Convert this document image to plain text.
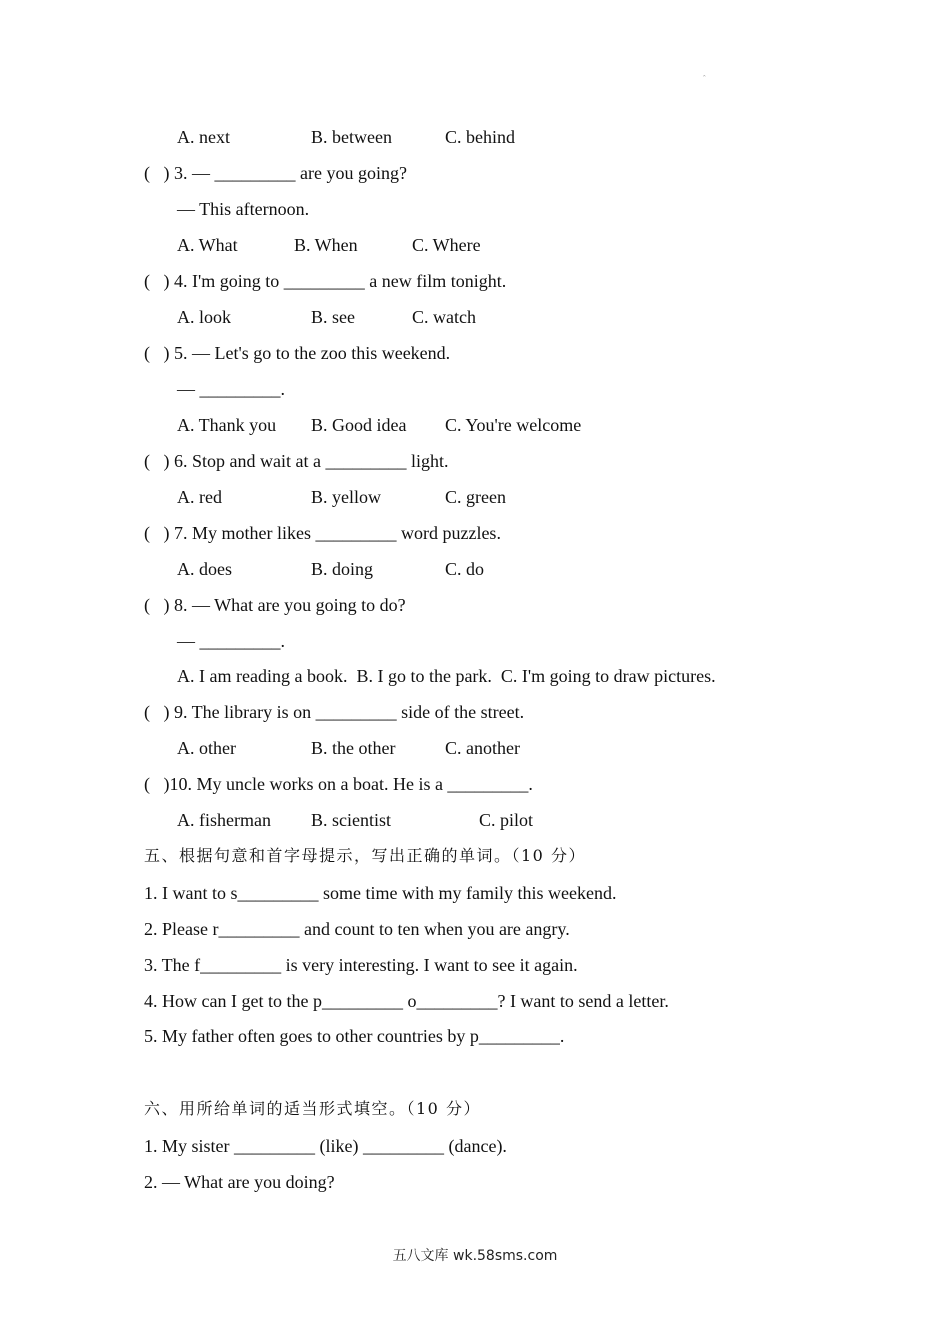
ˆ
A. next	B. between	C. behind
(   ) 3. — _________ are you going?
— This afternoon.
A. What	B. When	C. Where
(   ) 4. I'm going to _________ a new film tonight.
A. look	B. see	C. watch
(   ) 5. — Let's go to the zoo this weekend.
— _________.
A. Thank you B. Good idea C. You're welcome
(   ) 6. Stop and wait at a _________ light.
A. red	B. yellow	C. green
(   ) 7. My mother likes _________ word puzzles.
A. does	B. doing	C. do
(   ) 8. — What are you going to do?
— _________.
A. I am reading a book.  B. I go to the park.  C. I'm going to draw pictures.
(   ) 9. The library is on _________ side of the street.
A. other	B. the other	C. another
(   )10. My uncle works on a boat. He is a _________.
A. fisherman B. scientist	C. pilot
五、根据句意和首字母提示，写出正确的单词。（10 分）
1. I want to s_________ some time with my family this weekend.
2. Please r_________ and count to ten when you are angry.
3. The f_________ is very interesting. I want to see it again.
4. How can I get to the p_________ o_________? I want to send a letter.
5. My father often goes to other countries by p_________.
六、用所给单词的适当形式填空。（10 分）
1. My sister _________ (like) _________ (dance).
2. — What are you doing?
五八文库 wk.58sms.com
